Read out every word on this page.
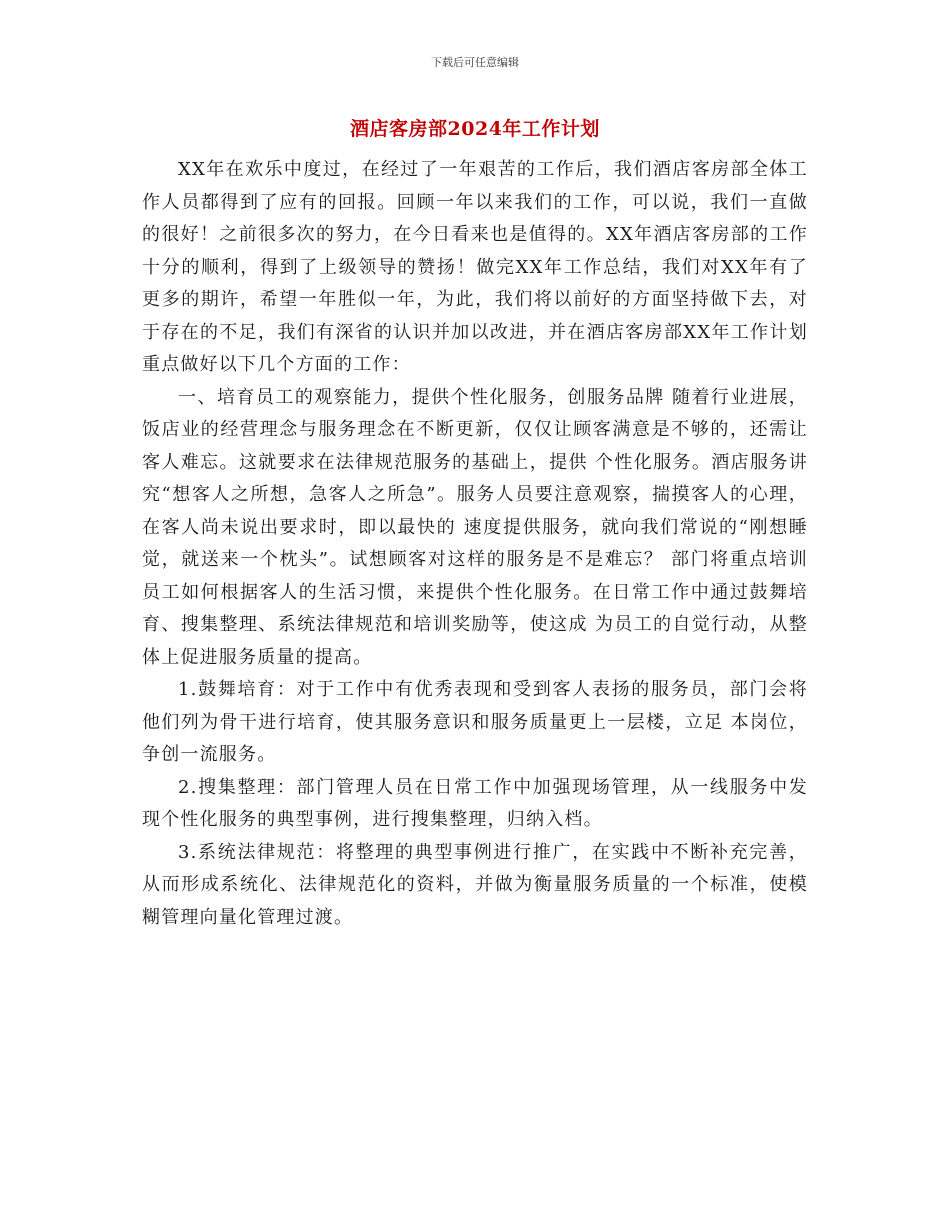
下载后可任意编辑
酒店客房部2024年工作计划

XX年在欢乐中度过，在经过了一年艰苦的工作后，我们酒店客房部全体工作人员都得到了应有的回报。回顾一年以来我们的工作，可以说，我们一直做的很好！之前很多次的努力，在今日看来也是值得的。XX年酒店客房部的工作十分的顺利，得到了上级领导的赞扬！做完XX年工作总结，我们对XX年有了更多的期许，希望一年胜似一年，为此，我们将以前好的方面坚持做下去，对于存在的不足，我们有深省的认识并加以改进，并在酒店客房部XX年工作计划重点做好以下几个方面的工作：

一、培育员工的观察能力，提供个性化服务，创服务品牌 随着行业进展，饭店业的经营理念与服务理念在不断更新，仅仅让顾客满意是不够的，还需让客人难忘。这就要求在法律规范服务的基础上，提供 个性化服务。酒店服务讲究“想客人之所想，急客人之所急”。服务人员要注意观察，揣摸客人的心理，在客人尚未说出要求时，即以最快的 速度提供服务，就向我们常说的“刚想睡觉，就送来一个枕头”。试想顾客对这样的服务是不是难忘？ 部门将重点培训员工如何根据客人的生活习惯，来提供个性化服务。在日常工作中通过鼓舞培育、搜集整理、系统法律规范和培训奖励等，使这成 为员工的自觉行动，从整体上促进服务质量的提高。

1.鼓舞培育：对于工作中有优秀表现和受到客人表扬的服务员，部门会将他们列为骨干进行培育，使其服务意识和服务质量更上一层楼，立足 本岗位，争创一流服务。

2.搜集整理：部门管理人员在日常工作中加强现场管理，从一线服务中发现个性化服务的典型事例，进行搜集整理，归纳入档。

3.系统法律规范：将整理的典型事例进行推广，在实践中不断补充完善，从而形成系统化、法律规范化的资料，并做为衡量服务质量的一个标准，使模 糊管理向量化管理过渡。
